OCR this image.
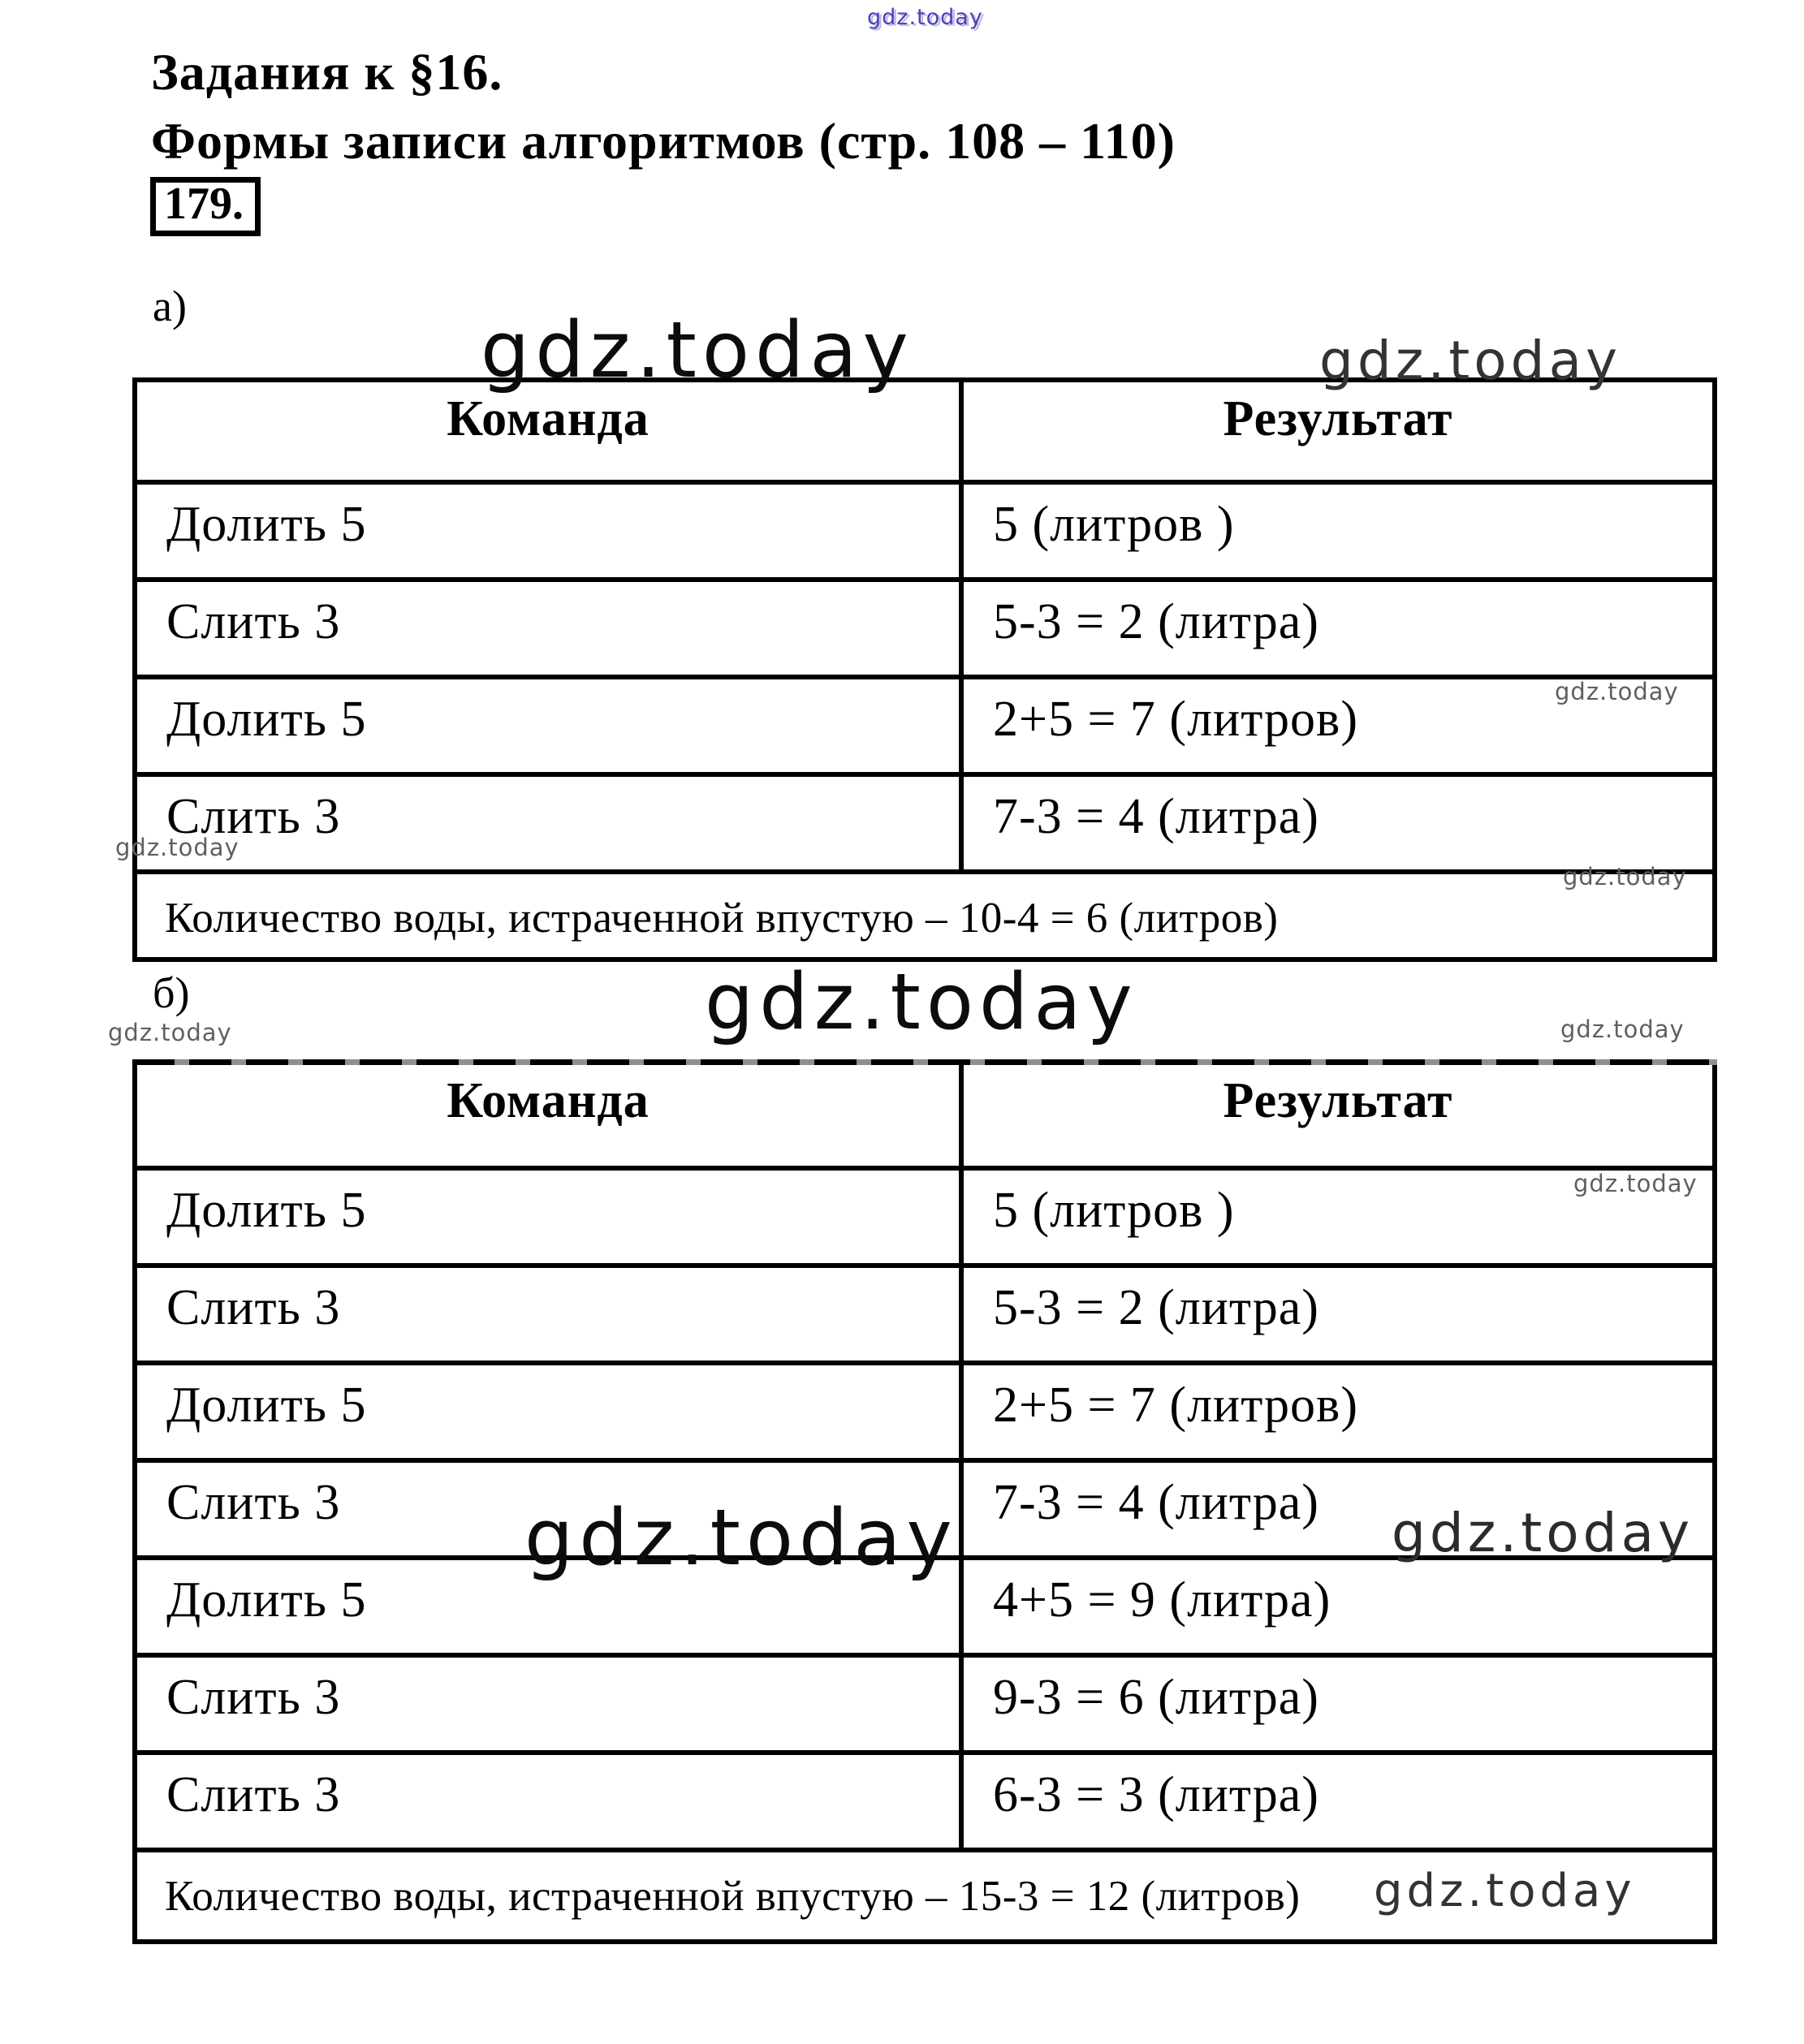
Задания к §16.
Формы записи алгоритмов (стр. 108 – 110)
179.
а)
Команда	Результат
Долить 5	5 (литров )
Слить 3	5-3 = 2 (литра)
Долить 5	2+5 = 7 (литров)
Слить 3	7-3 = 4 (литра)
Количество воды, истраченной впустую – 10-4 = 6 (литров)
б)
Команда	Результат
Долить 5	5 (литров )
Слить 3	5-3 = 2 (литра)
Долить 5	2+5 = 7 (литров)
Слить 3	7-3 = 4 (литра)
Долить 5	4+5 = 9 (литра)
Слить 3	9-3 = 6 (литра)
Слить 3	6-3 = 3 (литра)
Количество воды, истраченной впустую – 15-3 = 12 (литров)
gdz.today
gdz.today	gdz.today
gdz.today
gdz.today
gdz.today
gdz.today	gdz.today	gdz.today
gdz.today
gdz.today	gdz.today
gdz.today
